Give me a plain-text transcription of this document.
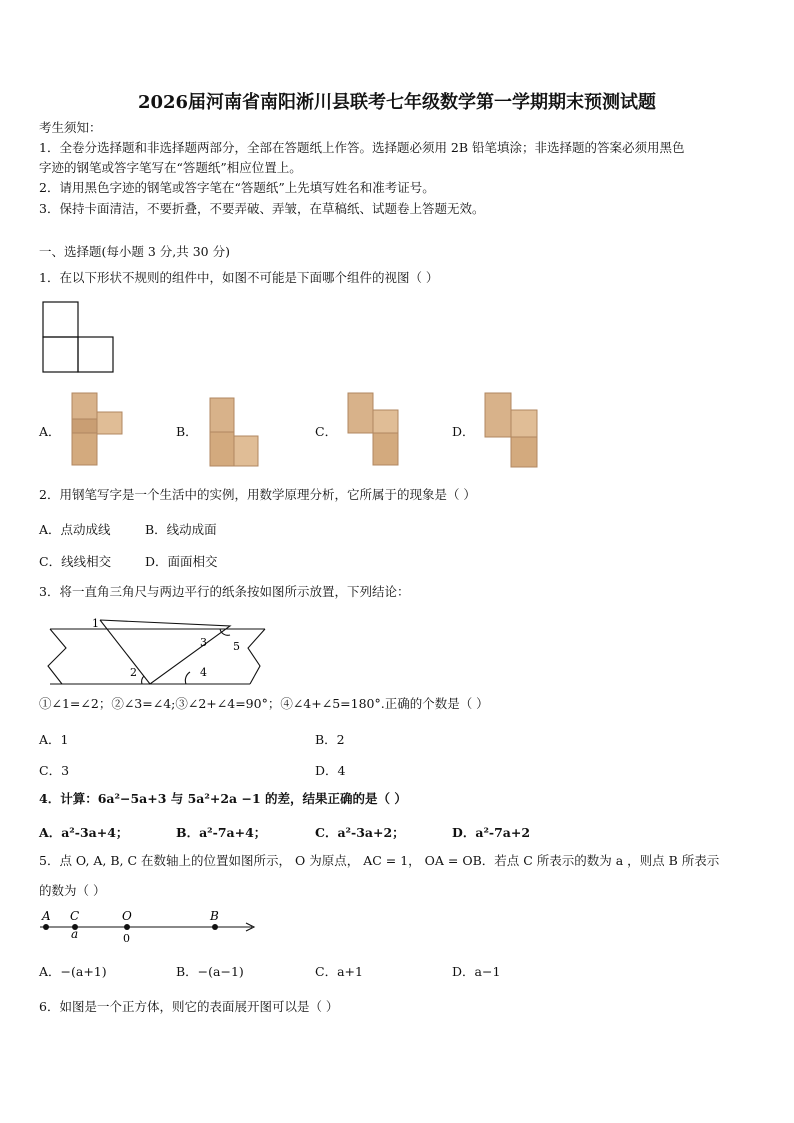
2026届河南省南阳淅川县联考七年级数学第一学期期末预测试题
考生须知：
1．全卷分选择题和非选择题两部分，全部在答题纸上作答。选择题必须用 2B 铅笔填涂；非选择题的答案必须用黑色
字迹的钢笔或答字笔写在“答题纸”相应位置上。
2．请用黑色字迹的钢笔或答字笔在“答题纸”上先填写姓名和准考证号。
3．保持卡面清洁，不要折叠，不要弄破、弄皱，在草稿纸、试题卷上答题无效。
一、选择题(每小题 3 分,共 30 分)
1．在以下形状不规则的组件中，如图不可能是下面哪个组件的视图（ ）
A．	B．	C．	D．
2．用钢笔写字是一个生活中的实例，用数学原理分析，它所属于的现象是（ ）
A．点动成线	B．线动成面
C．线线相交	D．面面相交
3．将一直角三角尺与两边平行的纸条按如图所示放置，下列结论：
1
2
3
4
5
①∠1=∠2；②∠3=∠4;③∠2+∠4=90°；④∠4+∠5=180°.正确的个数是（ ）
A．1	B．2
C．3	D．4
4．计算：6a²−5a+3 与 5a²+2a −1 的差，结果正确的是（ ）
A．a²-3a+4；	B．a²-7a+4；	C．a²-3a+2；	D．a²-7a+2
5．点 O, A, B, C 在数轴上的位置如图所示， O 为原点， AC = 1， OA = OB．若点 C 所表示的数为 a ，则点 B 所表示
的数为（ ）
A C	O	B
a	0
A．−(a+1)	B．−(a−1)	C．a+1	D．a−1
6．如图是一个正方体，则它的表面展开图可以是（ ）
